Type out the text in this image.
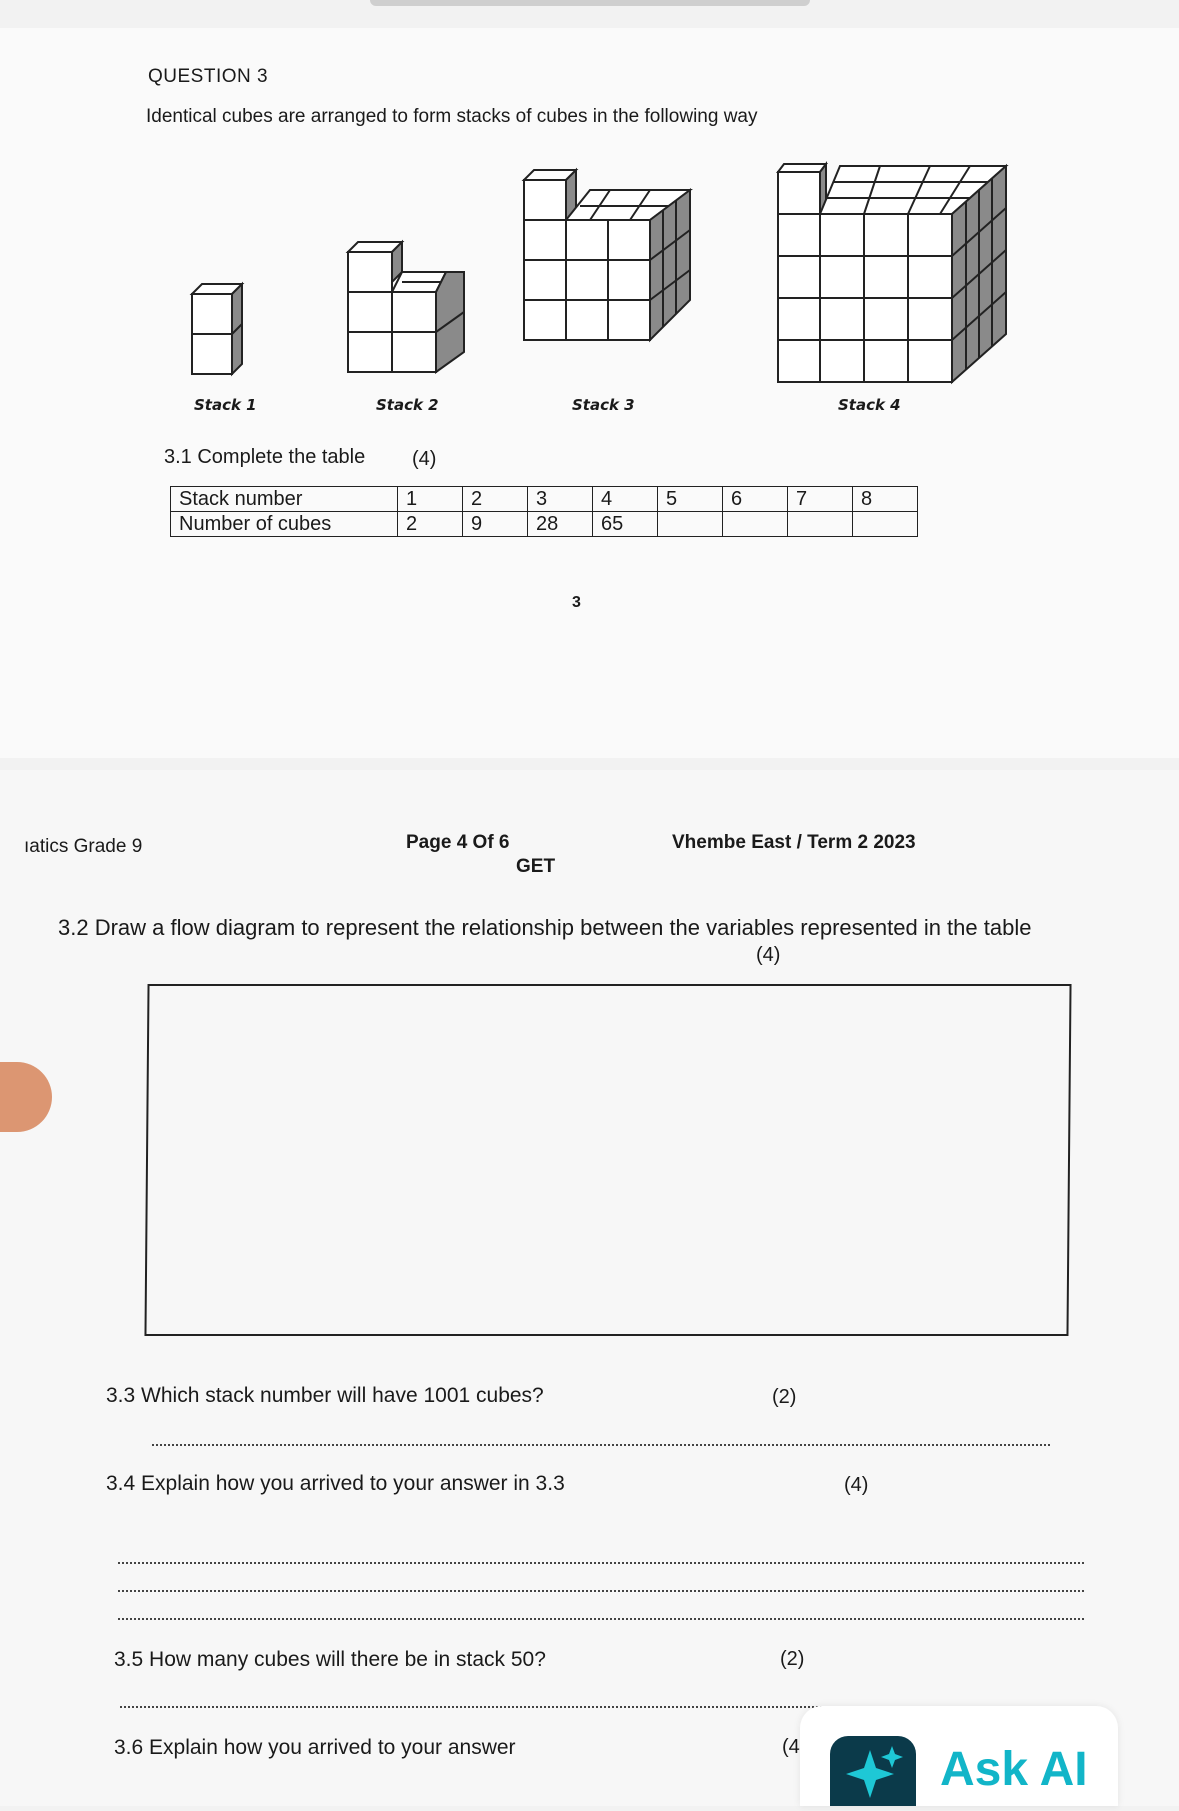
QUESTION 3
Identical cubes are arranged to form stacks of cubes in the following way
Stack 1	Stack 2	Stack 3	Stack 4
3.1 Complete the table (4)
Stack number	1	2	3	4	5	6	7	8
Number of cubes	2	9	28	65				
3
ıatics Grade 9	Page 4 Of 6
GET
Vhembe East / Term 2 2023
3.2 Draw a flow diagram to represent the relationship between the variables represented in the table
(4)
3.3 Which stack number will have 1001 cubes?	(2)
3.4 Explain how you arrived to your answer in 3.3	(4)
3.5 How many cubes will there be in stack 50?	(2)
3.6 Explain how you arrived to your answer	(4	Ask AI
